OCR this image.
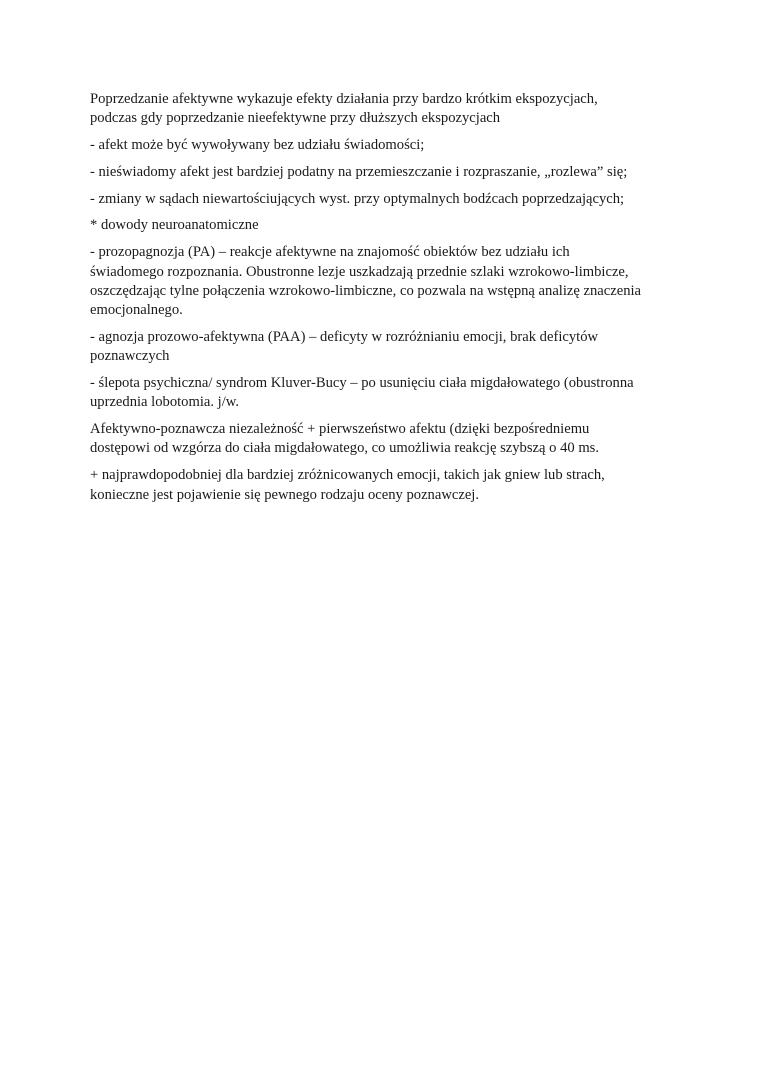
Poprzedzanie afektywne wykazuje efekty działania przy bardzo krótkim ekspozycjach,
podczas gdy poprzedzanie nieefektywne przy dłuższych ekspozycjach

- afekt może być wywoływany bez udziału świadomości;

- nieświadomy afekt jest bardziej podatny na przemieszczanie i rozpraszanie, „rozlewa” się;

- zmiany w sądach niewartościujących wyst. przy optymalnych bodźcach poprzedzających;

* dowody neuroanatomiczne

- prozopagnozja (PA) – reakcje afektywne na znajomość obiektów bez udziału ich
świadomego rozpoznania. Obustronne lezje uszkadzają przednie szlaki wzrokowo-limbicze,
oszczędzając tylne połączenia wzrokowo-limbiczne, co pozwala na wstępną analizę znaczenia
emocjonalnego.

- agnozja prozowo-afektywna (PAA) – deficyty w rozróżnianiu emocji, brak deficytów
poznawczych

- ślepota psychiczna/ syndrom Kluver-Bucy – po usunięciu ciała migdałowatego (obustronna
uprzednia lobotomia. j/w.

Afektywno-poznawcza niezależność + pierwszeństwo afektu (dzięki bezpośredniemu
dostępowi od wzgórza do ciała migdałowatego, co umożliwia reakcję szybszą o 40 ms.

+ najprawdopodobniej dla bardziej zróżnicowanych emocji, takich jak gniew lub strach,
konieczne jest pojawienie się pewnego rodzaju oceny poznawczej.
